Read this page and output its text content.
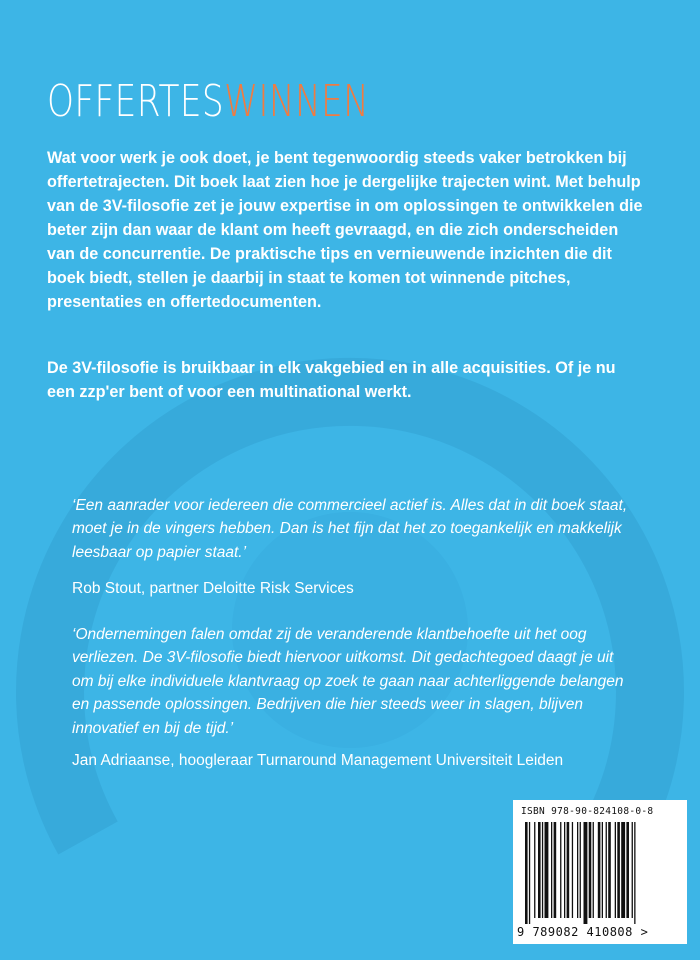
OFFERTESWINNEN

Wat voor werk je ook doet, je bent tegenwoordig steeds vaker betrokken bij offertetrajecten. Dit boek laat zien hoe je dergelijke trajecten wint. Met behulp van de 3V-filosofie zet je jouw expertise in om oplossingen te ontwikkelen die beter zijn dan waar de klant om heeft gevraagd, en die zich onderscheiden van de concurrentie. De praktische tips en vernieuwende inzichten die dit boek biedt, stellen je daarbij in staat te komen tot winnende pitches, presentaties en offertedocumenten.

De 3V-filosofie is bruikbaar in elk vakgebied en in alle acquisities. Of je nu een zzp'er bent of voor een multinational werkt.

‘Een aanrader voor iedereen die commercieel actief is. Alles dat in dit boek staat, moet je in de vingers hebben. Dan is het fijn dat het zo toegankelijk en makkelijk leesbaar op papier staat.’

Rob Stout, partner Deloitte Risk Services

‘Ondernemingen falen omdat zij de veranderende klantbehoefte uit het oog verliezen. De 3V-filosofie biedt hiervoor uitkomst. Dit gedachtegoed daagt je uit om bij elke individuele klantvraag op zoek te gaan naar achterliggende belangen en passende oplossingen. Bedrijven die hier steeds weer in slagen, blijven innovatief en bij de tijd.’

Jan Adriaanse, hoogleraar Turnaround Management Universiteit Leiden

ISBN 978-90-824108-0-8
9 789082 410808 >
